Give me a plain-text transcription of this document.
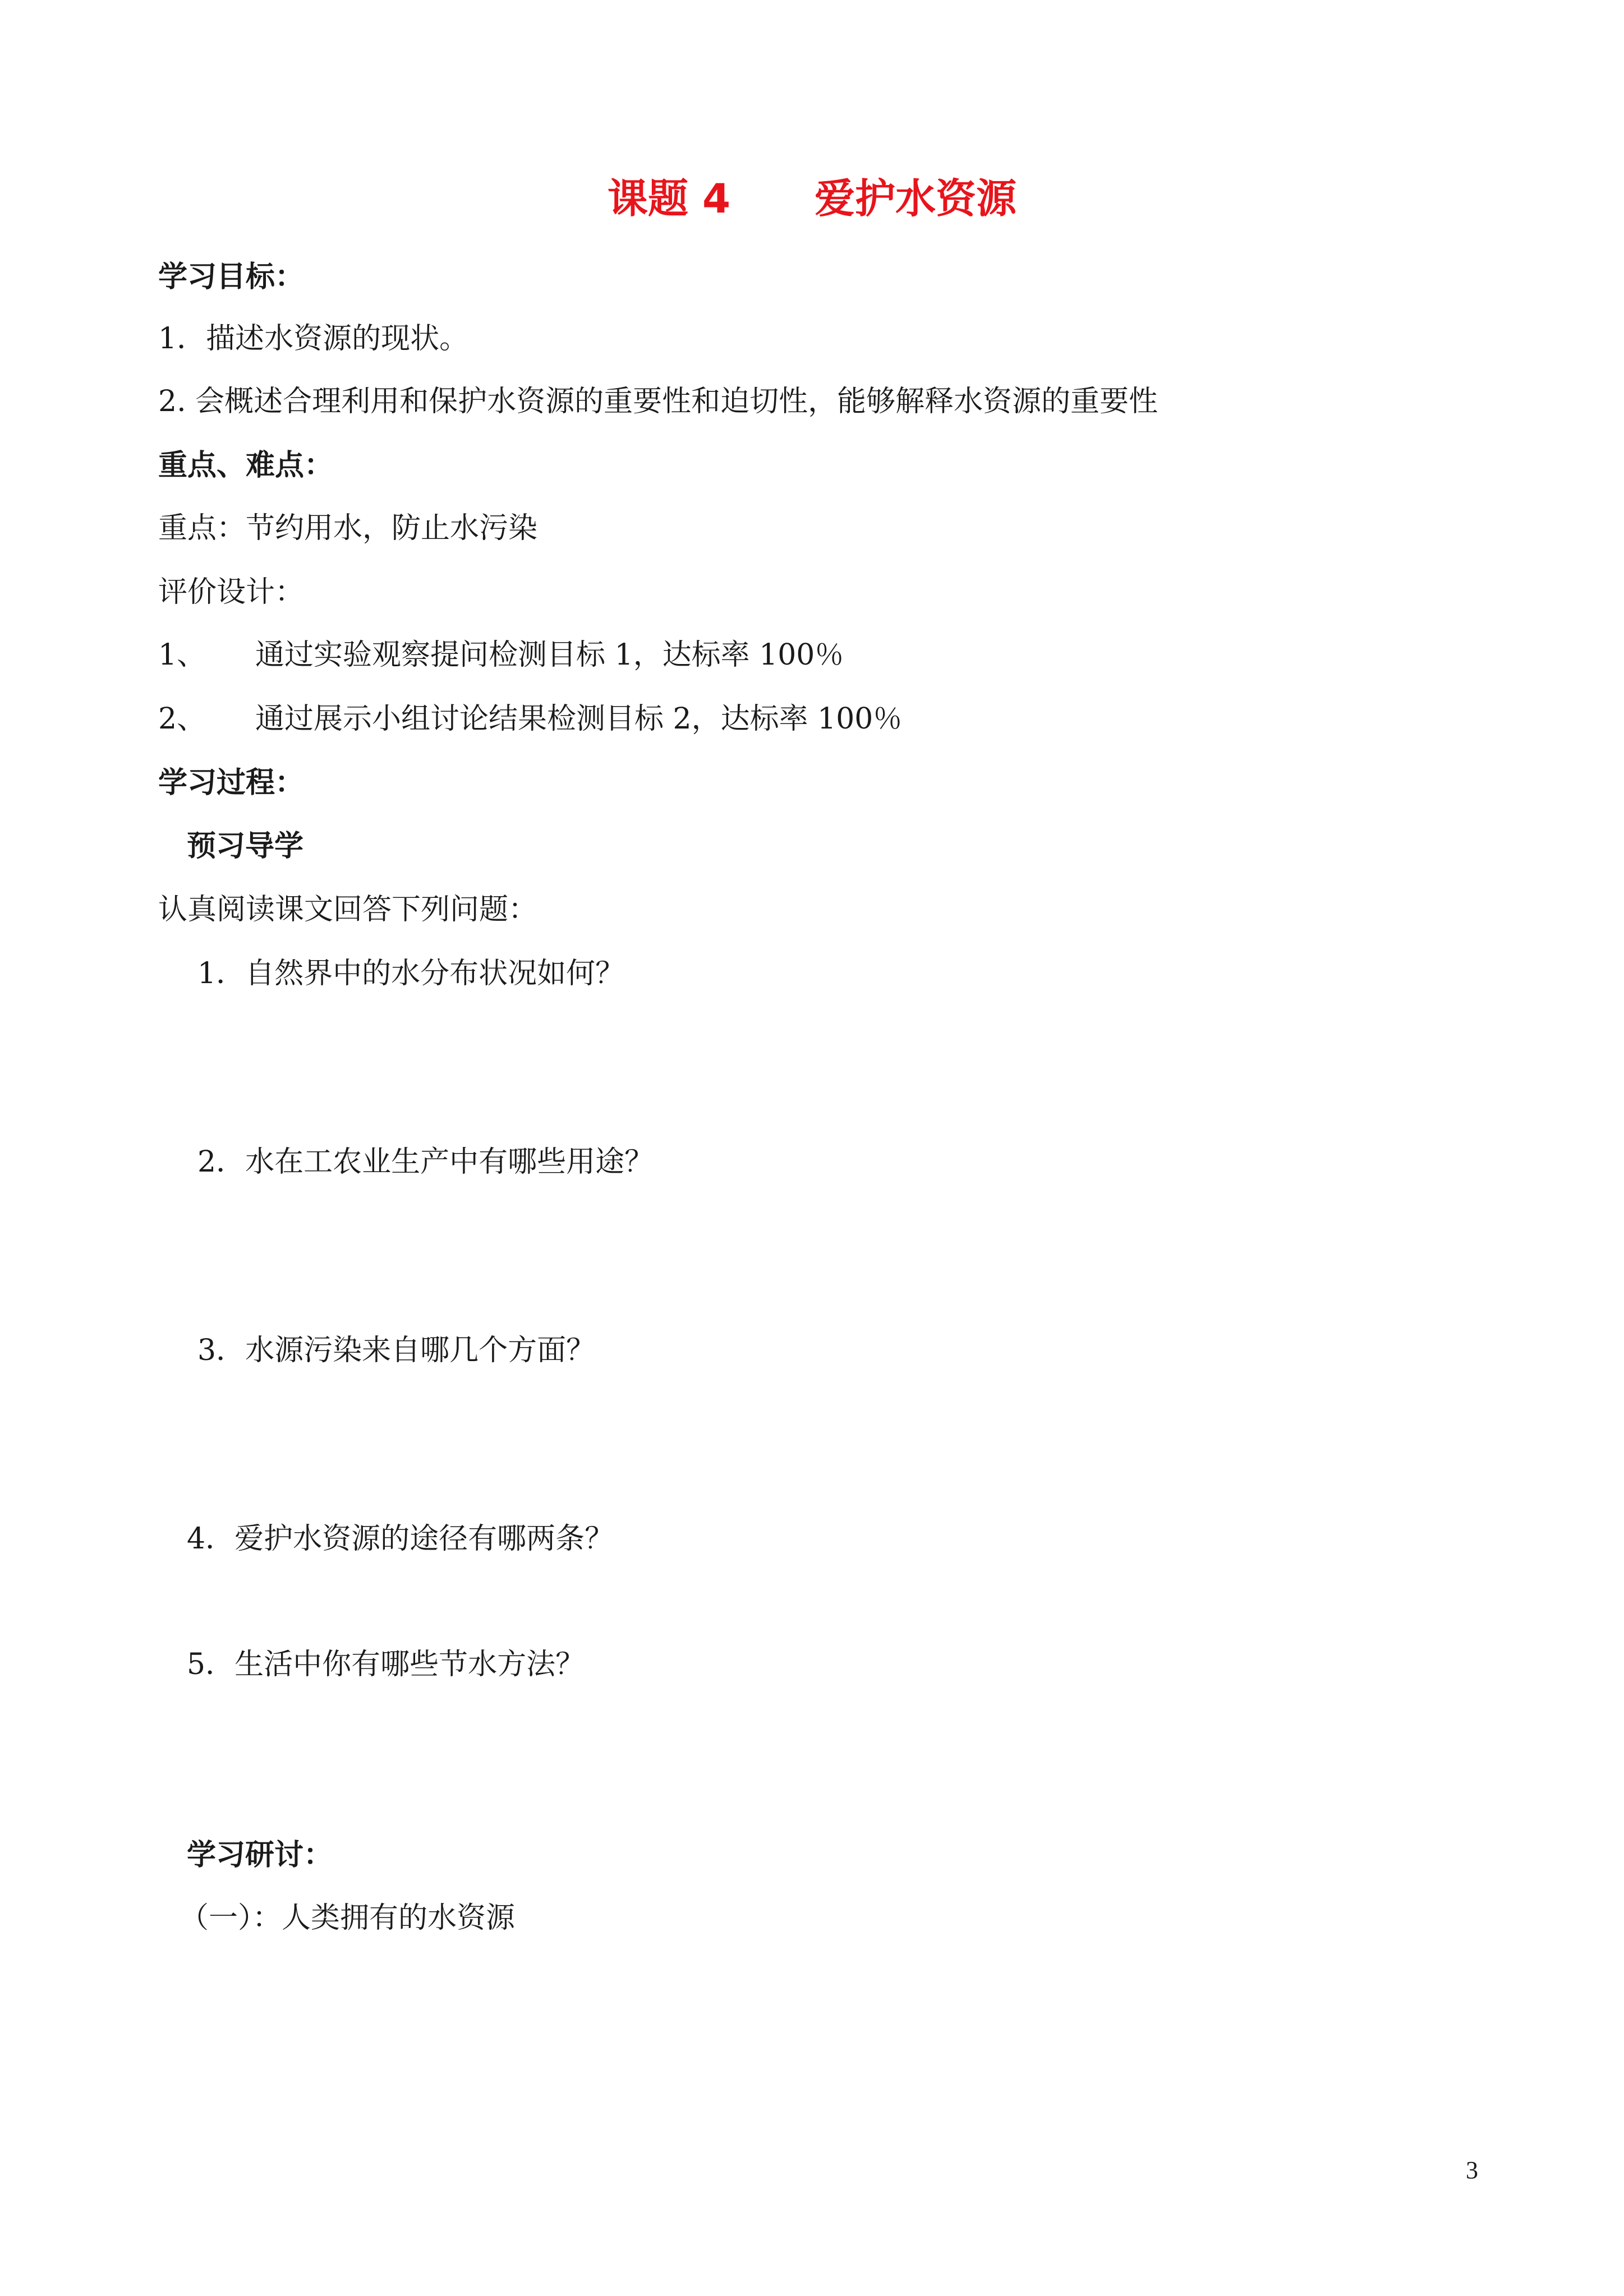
课题 4 爱护水资源
学习目标：
1．描述水资源的现状。
2. 会概述合理利用和保护水资源的重要性和迫切性，能够解释水资源的重要性
重点、难点：
重点：节约用水，防止水污染
评价设计：
1、 通过实验观察提问检测目标 1，达标率 100％
2、 通过展示小组讨论结果检测目标 2，达标率 100％
学习过程：
预习导学
认真阅读课文回答下列问题：
1．自然界中的水分布状况如何？
2．水在工农业生产中有哪些用途？
3．水源污染来自哪几个方面？
4．爱护水资源的途径有哪两条？
5．生活中你有哪些节水方法？
学习研讨：
（一）：人类拥有的水资源
3
